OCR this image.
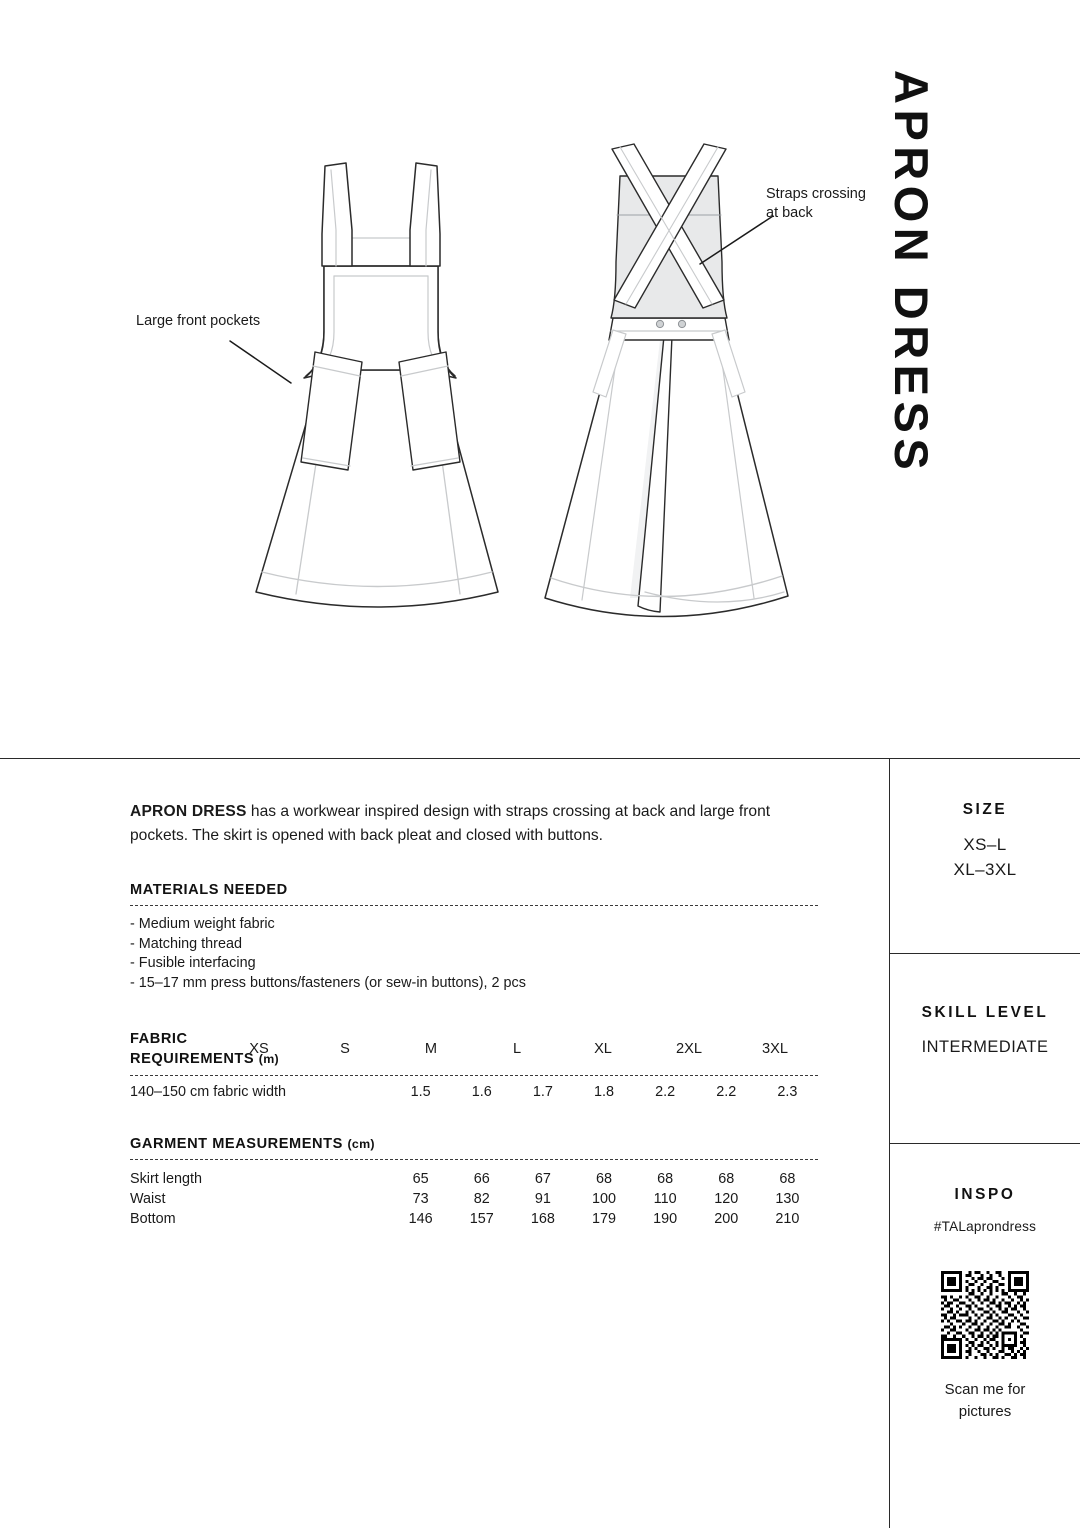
APRON DRESS
Large front pockets
Straps crossing
at back

APRON DRESS has a workwear inspired design with straps crossing at back and large front pockets. The skirt is opened with back pleat and closed with buttons.

MATERIALS NEEDED
- Medium weight fabric
- Matching thread
- Fusible interfacing
- 15–17 mm press buttons/fasteners (or sew-in buttons), 2 pcs
FABRIC REQUIREMENTS (m)	XS	S	M	L	XL	2XL	3XL
140–150 cm fabric width	1.5	1.6	1.7	1.8	2.2	2.2	2.3
GARMENT MEASUREMENTS (cm)
Skirt length	65	66	67	68	68	68	68
Waist	73	82	91	100	110	120	130
Bottom	146	157	168	179	190	200	210
SIZE
XS–L
XL–3XL
SKILL LEVEL
INTERMEDIATE
INSPO
#TALaprondress
Scan me for
pictures
